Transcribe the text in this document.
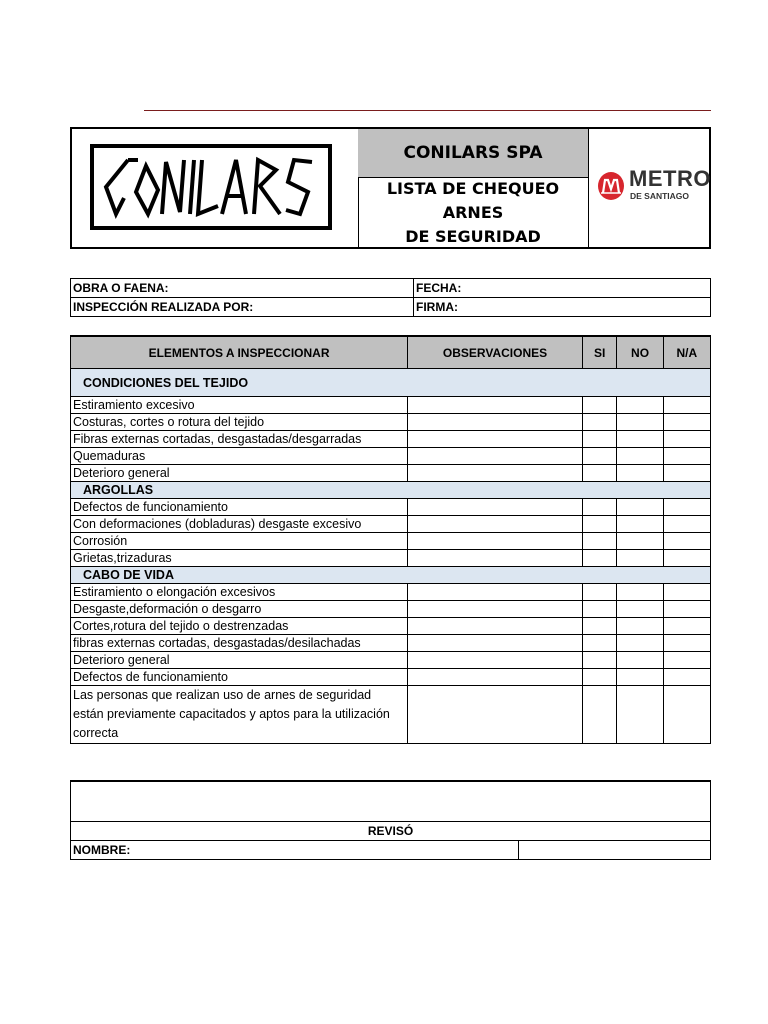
CONILARS SPA
LISTA DE CHEQUEO ARNES
DE SEGURIDAD
METRO
DE SANTIAGO
OBRA O FAENA:	FECHA:
INSPECCIÓN REALIZADA POR:	FIRMA:
ELEMENTOS A INSPECCIONAR	OBSERVACIONES	SI	NO	N/A
CONDICIONES DEL TEJIDO				
Estiramiento excesivo				
Costuras, cortes o rotura del tejido				
Fibras externas cortadas, desgastadas/desgarradas				
Quemaduras				
Deterioro general				
ARGOLLAS				
Defectos de funcionamiento				
Con deformaciones (dobladuras) desgaste excesivo				
Corrosión				
Grietas,trizaduras				
CABO DE VIDA				
Estiramiento o elongación excesivos				
Desgaste,deformación o desgarro				
Cortes,rotura del tejido o destrenzadas				
fibras externas cortadas, desgastadas/desilachadas				
Deterioro general				
Defectos de funcionamiento				
Las personas que realizan uso de arnes de seguridad están previamente capacitados y aptos para la utilización correcta				

REVISÓ
NOMBRE:	
